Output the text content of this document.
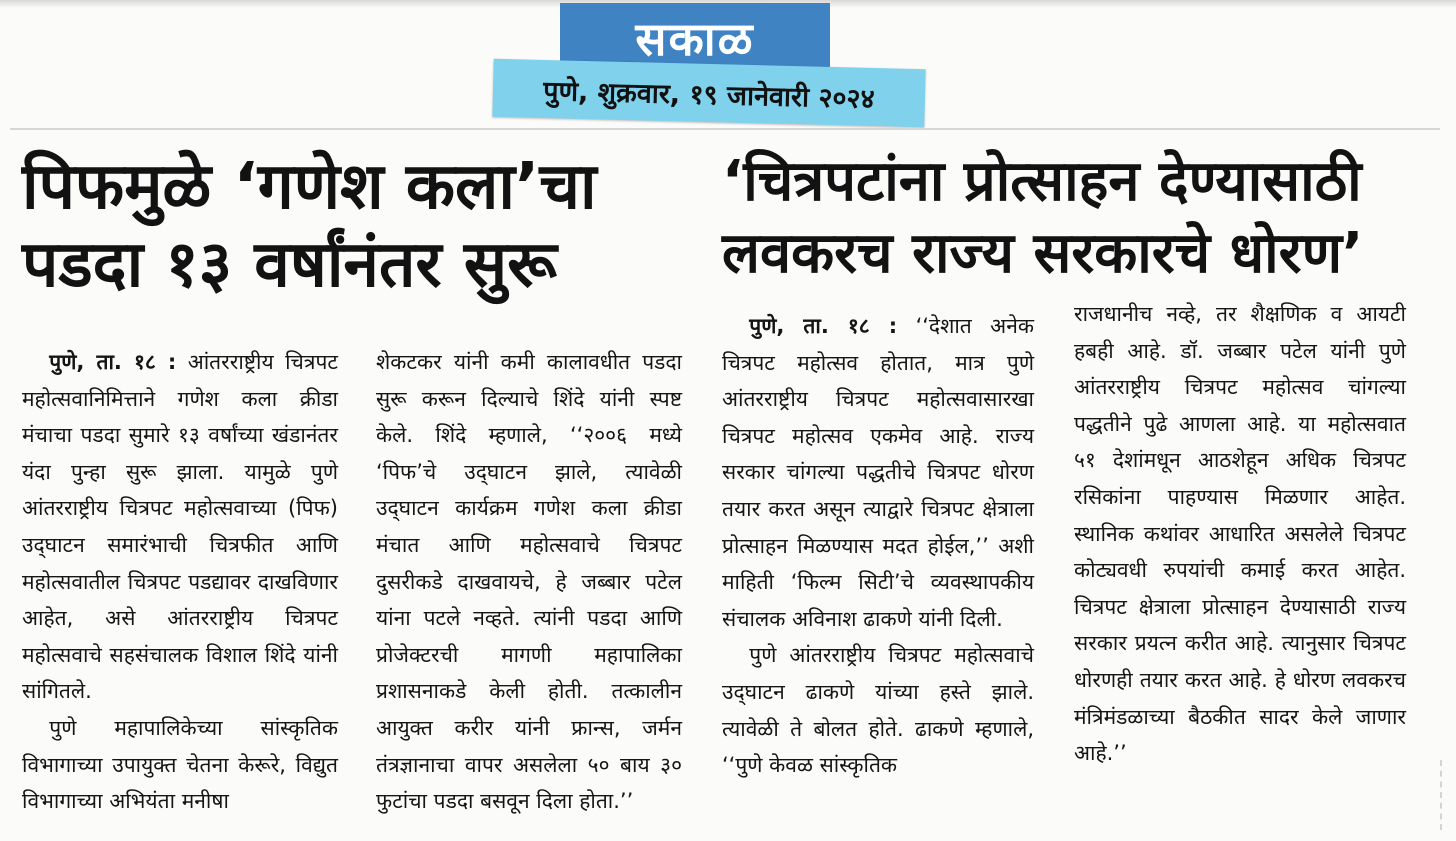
सकाळ
पुणे, शुक्रवार, १९ जानेवारी २०२४
पिफमुळे ‘गणेश कला’चा
पडदा १३ वर्षांनंतर सुरू

पुणे, ता. १८ : आंतरराष्ट्रीय चित्रपट महोत्सवानिमित्ताने गणेश कला क्रीडा मंचाचा पडदा सुमारे १३ वर्षांच्या खंडानंतर यंदा पुन्हा सुरू झाला. यामुळे पुणे आंतरराष्ट्रीय चित्रपट महोत्सवाच्या (पिफ) उद्‌घाटन समारंभाची चित्रफीत आणि महोत्सवातील चित्रपट पडद्यावर दाखविणार आहेत, असे आंतरराष्ट्रीय चित्रपट महोत्सवाचे सहसंचालक विशाल शिंदे यांनी सांगितले.

पुणे महापालिकेच्या सांस्कृतिक विभागाच्या उपायुक्त चेतना केरूरे, विद्युत विभागाच्या अभियंता मनीषा

शेकटकर यांनी कमी कालावधीत पडदा सुरू करून दिल्याचे शिंदे यांनी स्पष्ट केले. शिंदे म्हणाले, ‘‘२००६ मध्ये ‘पिफ’चे उद्‌घाटन झाले, त्यावेळी उद्‌घाटन कार्यक्रम गणेश कला क्रीडा मंचात आणि महोत्सवाचे चित्रपट दुसरीकडे दाखवायचे, हे जब्बार पटेल यांना पटले नव्हते. त्यांनी पडदा आणि प्रोजेक्टरची मागणी महापालिका प्रशासनाकडे केली होती. तत्कालीन आयुक्त करीर यांनी फ्रान्स, जर्मन तंत्रज्ञानाचा वापर असलेला ५० बाय ३० फुटांचा पडदा बसवून दिला होता.’’

‘चित्रपटांना प्रोत्साहन देण्यासाठी
लवकरच राज्य सरकारचे धोरण’

पुणे, ता. १८ : ‘‘देशात अनेक चित्रपट महोत्सव होतात, मात्र पुणे आंतरराष्ट्रीय चित्रपट महोत्सवासारखा चित्रपट महोत्सव एकमेव आहे. राज्य सरकार चांगल्या पद्धतीचे चित्रपट धोरण तयार करत असून त्याद्वारे चित्रपट क्षेत्राला प्रोत्साहन मिळण्यास मदत होईल,’’ अशी माहिती ‘फिल्म सिटी’चे व्यवस्थापकीय संचालक अविनाश ढाकणे यांनी दिली.

पुणे आंतरराष्ट्रीय चित्रपट महोत्सवाचे उद्‌घाटन ढाकणे यांच्या हस्ते झाले. त्यावेळी ते बोलत होते. ढाकणे म्हणाले, ‘‘पुणे केवळ सांस्कृतिक

राजधानीच नव्हे, तर शैक्षणिक व आयटी हबही आहे. डॉ. जब्बार पटेल यांनी पुणे आंतरराष्ट्रीय चित्रपट महोत्सव चांगल्या पद्धतीने पुढे आणला आहे. या महोत्सवात ५१ देशांमधून आठशेहून अधिक चित्रपट रसिकांना पाहण्यास मिळणार आहेत. स्थानिक कथांवर आधारित असलेले चित्रपट कोट्यवधी रुपयांची कमाई करत आहेत. चित्रपट क्षेत्राला प्रोत्साहन देण्यासाठी राज्य सरकार प्रयत्न करीत आहे. त्यानुसार चित्रपट धोरणही तयार करत आहे. हे धोरण लवकरच मंत्रिमंडळाच्या बैठकीत सादर केले जाणार आहे.’’
